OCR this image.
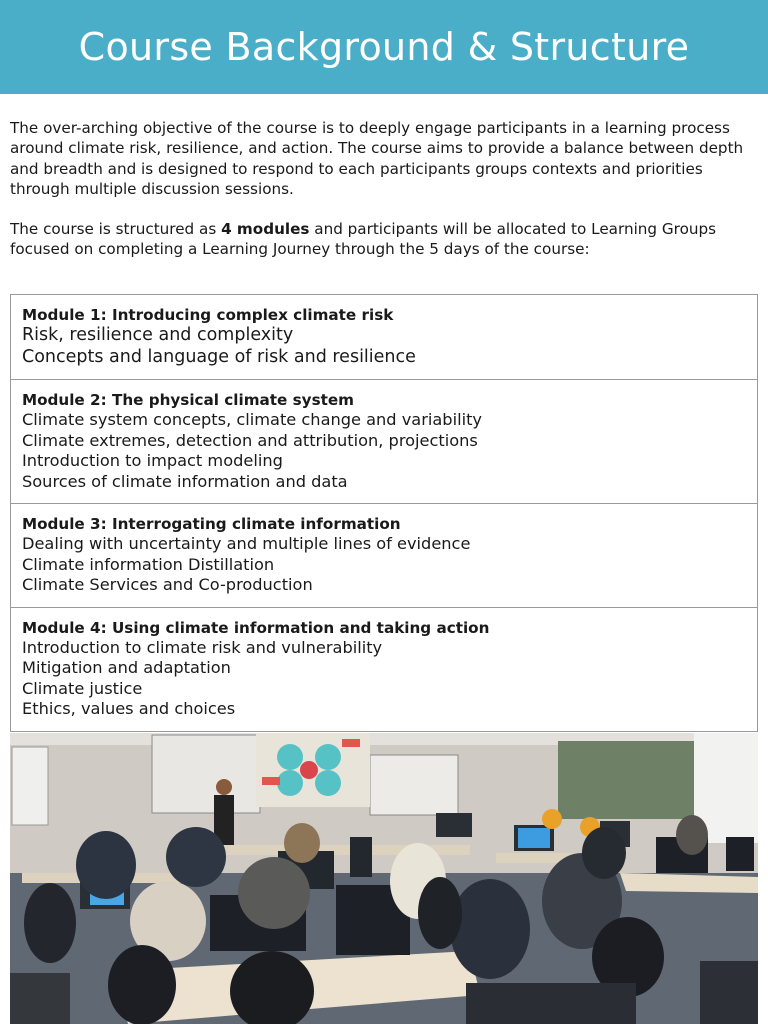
Course Background & Structure

The over-arching objective of the course is to deeply engage participants in a learning process around climate risk, resilience, and action. The course aims to provide a balance between depth and breadth and is designed to respond to each participants groups contexts and priorities through multiple discussion sessions.

The course is structured as 4 modules and participants will be allocated to Learning Groups focused on completing a Learning Journey through the 5 days of the course:

Module 1: Introducing complex climate risk
Risk, resilience and complexity
Concepts and language of risk and resilience
Module 2: The physical climate system
Climate system concepts, climate change and variability
Climate extremes, detection and attribution, projections
Introduction to impact modeling
Sources of climate information and data
Module 3: Interrogating climate information
Dealing with uncertainty and multiple lines of evidence
Climate information Distillation
Climate Services and Co-production
Module 4: Using climate information and taking action
Introduction to climate risk and vulnerability
Mitigation and adaptation
Climate justice
Ethics, values and choices
